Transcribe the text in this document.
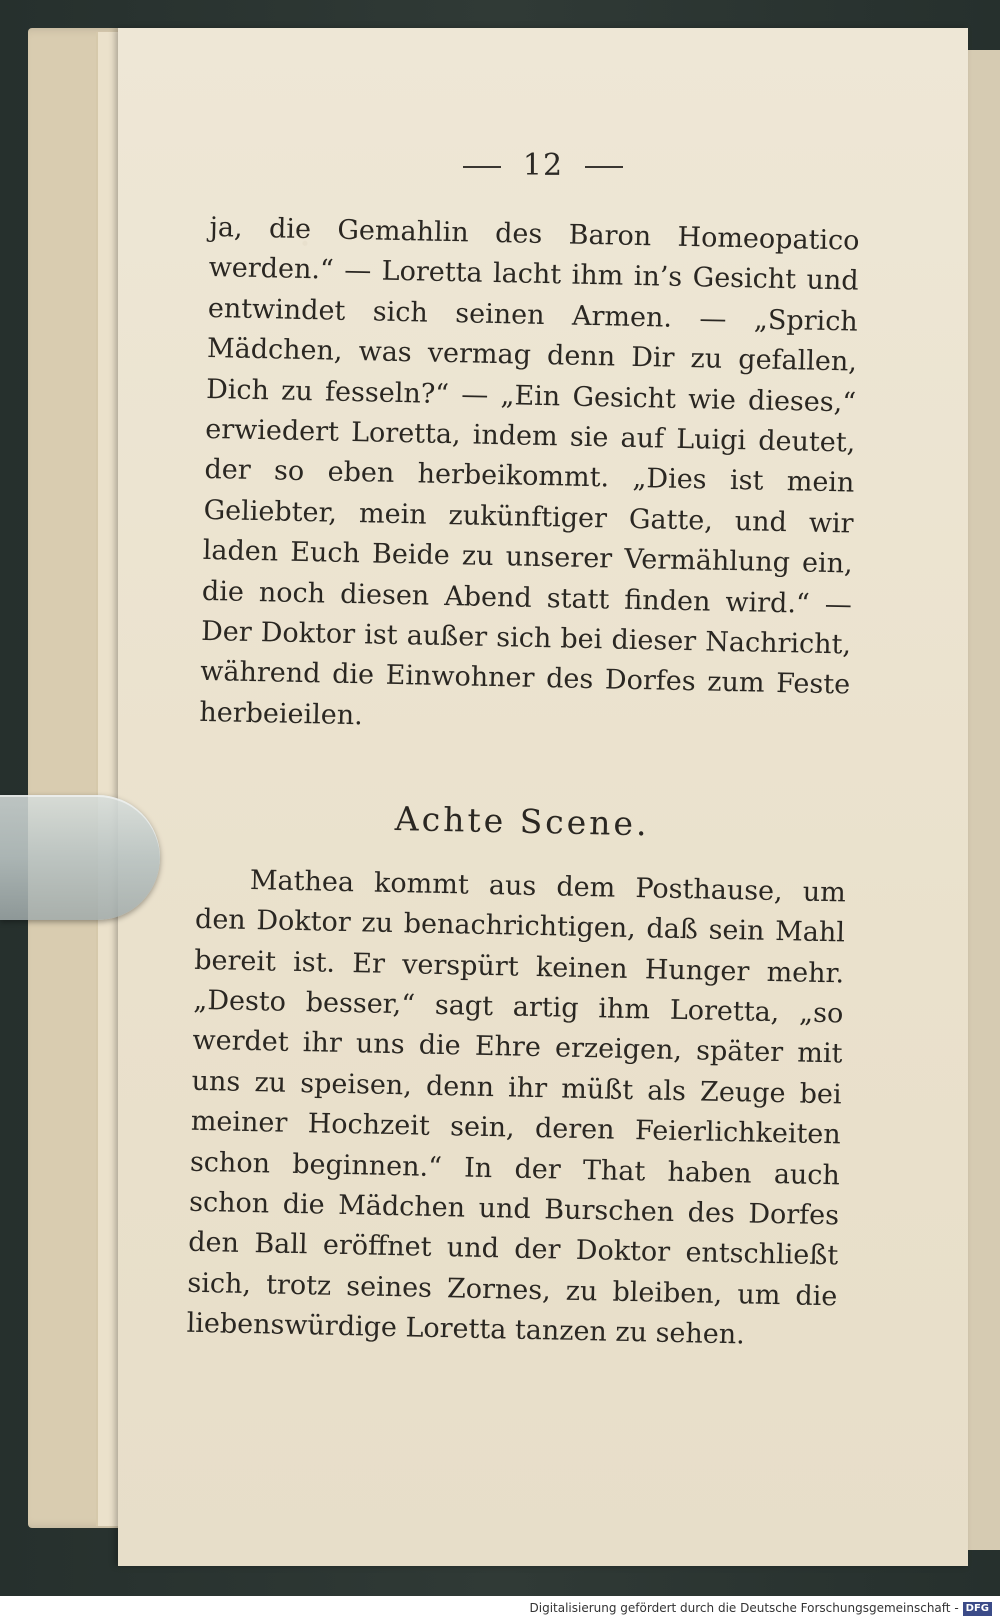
12

ja, die Gemahlin des Baron Homeopatico werden.“ — Loretta lacht ihm in’s Gesicht und entwindet sich seinen Armen. — „Sprich Mädchen, was vermag denn Dir zu gefallen, Dich zu fesseln?“ — „Ein Gesicht wie dieses,“ erwiedert Loretta, indem sie auf Luigi deutet, der so eben herbeikommt. „Dies ist mein Geliebter, mein zukünftiger Gatte, und wir laden Euch Beide zu unserer Vermählung ein, die noch diesen Abend statt finden wird.“ — Der Doktor ist außer sich bei dieser Nachricht, während die Einwohner des Dorfes zum Feste herbeieilen.

Achte Scene.

Mathea kommt aus dem Posthause, um den Doktor zu benachrichtigen, daß sein Mahl bereit ist. Er verspürt keinen Hunger mehr. „Desto besser,“ sagt artig ihm Loretta, „so werdet ihr uns die Ehre erzeigen, später mit uns zu speisen, denn ihr müßt als Zeuge bei meiner Hochzeit sein, deren Feierlichkeiten schon beginnen.“ In der That haben auch schon die Mädchen und Burschen des Dorfes den Ball eröffnet und der Doktor entschließt sich, trotz seines Zornes, zu bleiben, um die liebenswürdige Loretta tanzen zu sehen.

Digitalisierung gefördert durch die Deutsche Forschungsgemeinschaft - DFG
